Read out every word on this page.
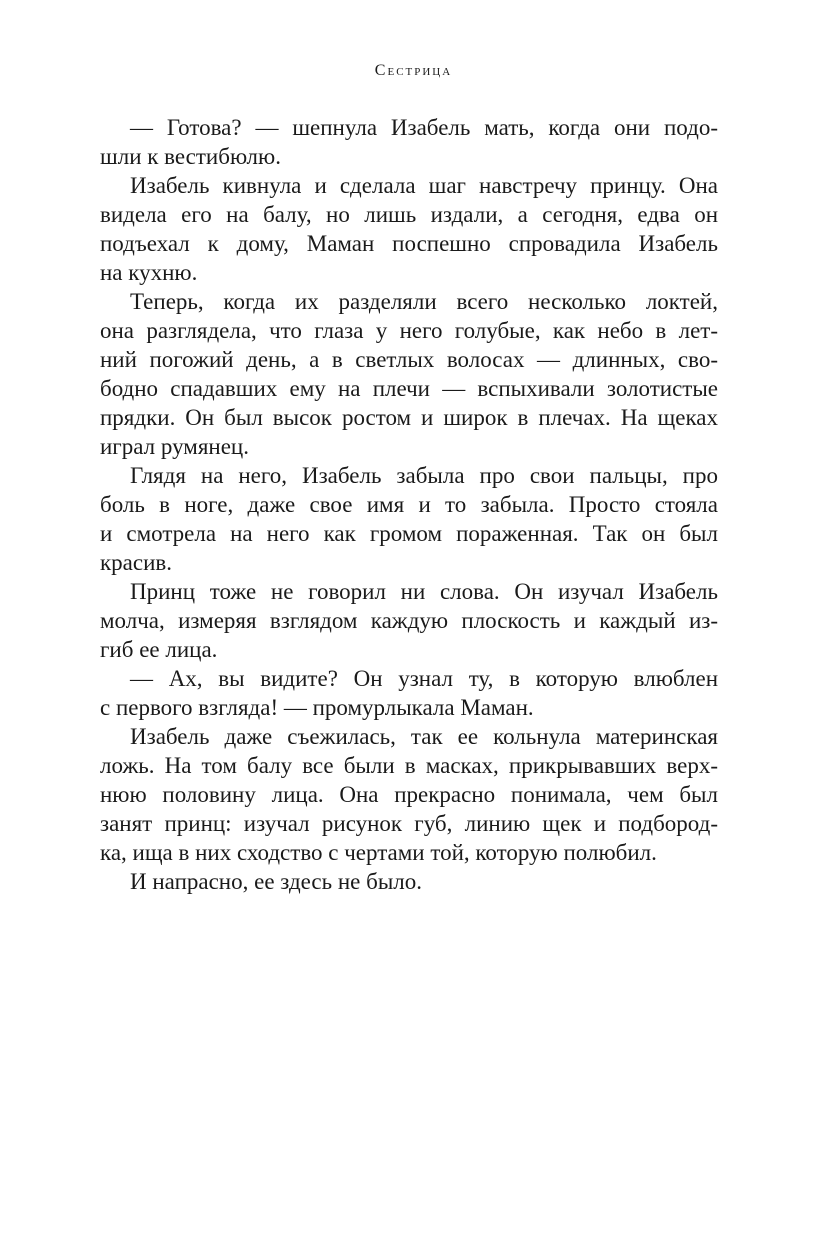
Сестрица
— Готова? — шепнула Изабель мать, когда они подо-
шли к вестибюлю.
Изабель кивнула и сделала шаг навстречу принцу. Она
видела его на балу, но лишь издали, а сегодня, едва он
подъехал к дому, Маман поспешно спровадила Изабель
на кухню.
Теперь, когда их разделяли всего несколько локтей,
она разглядела, что глаза у него голубые, как небо в лет-
ний погожий день, а в светлых волосах — длинных, сво-
бодно спадавших ему на плечи — вспыхивали золотистые
прядки. Он был высок ростом и широк в плечах. На щеках
играл румянец.
Глядя на него, Изабель забыла про свои пальцы, про
боль в ноге, даже свое имя и то забыла. Просто стояла
и смотрела на него как громом пораженная. Так он был
красив.
Принц тоже не говорил ни слова. Он изучал Изабель
молча, измеряя взглядом каждую плоскость и каждый из-
гиб ее лица.
— Ах, вы видите? Он узнал ту, в которую влюблен
с первого взгляда! — промурлыкала Маман.
Изабель даже съежилась, так ее кольнула материнская
ложь. На том балу все были в масках, прикрывавших верх-
нюю половину лица. Она прекрасно понимала, чем был
занят принц: изучал рисунок губ, линию щек и подбород-
ка, ища в них сходство с чертами той, которую полюбил.
И напрасно, ее здесь не было.
